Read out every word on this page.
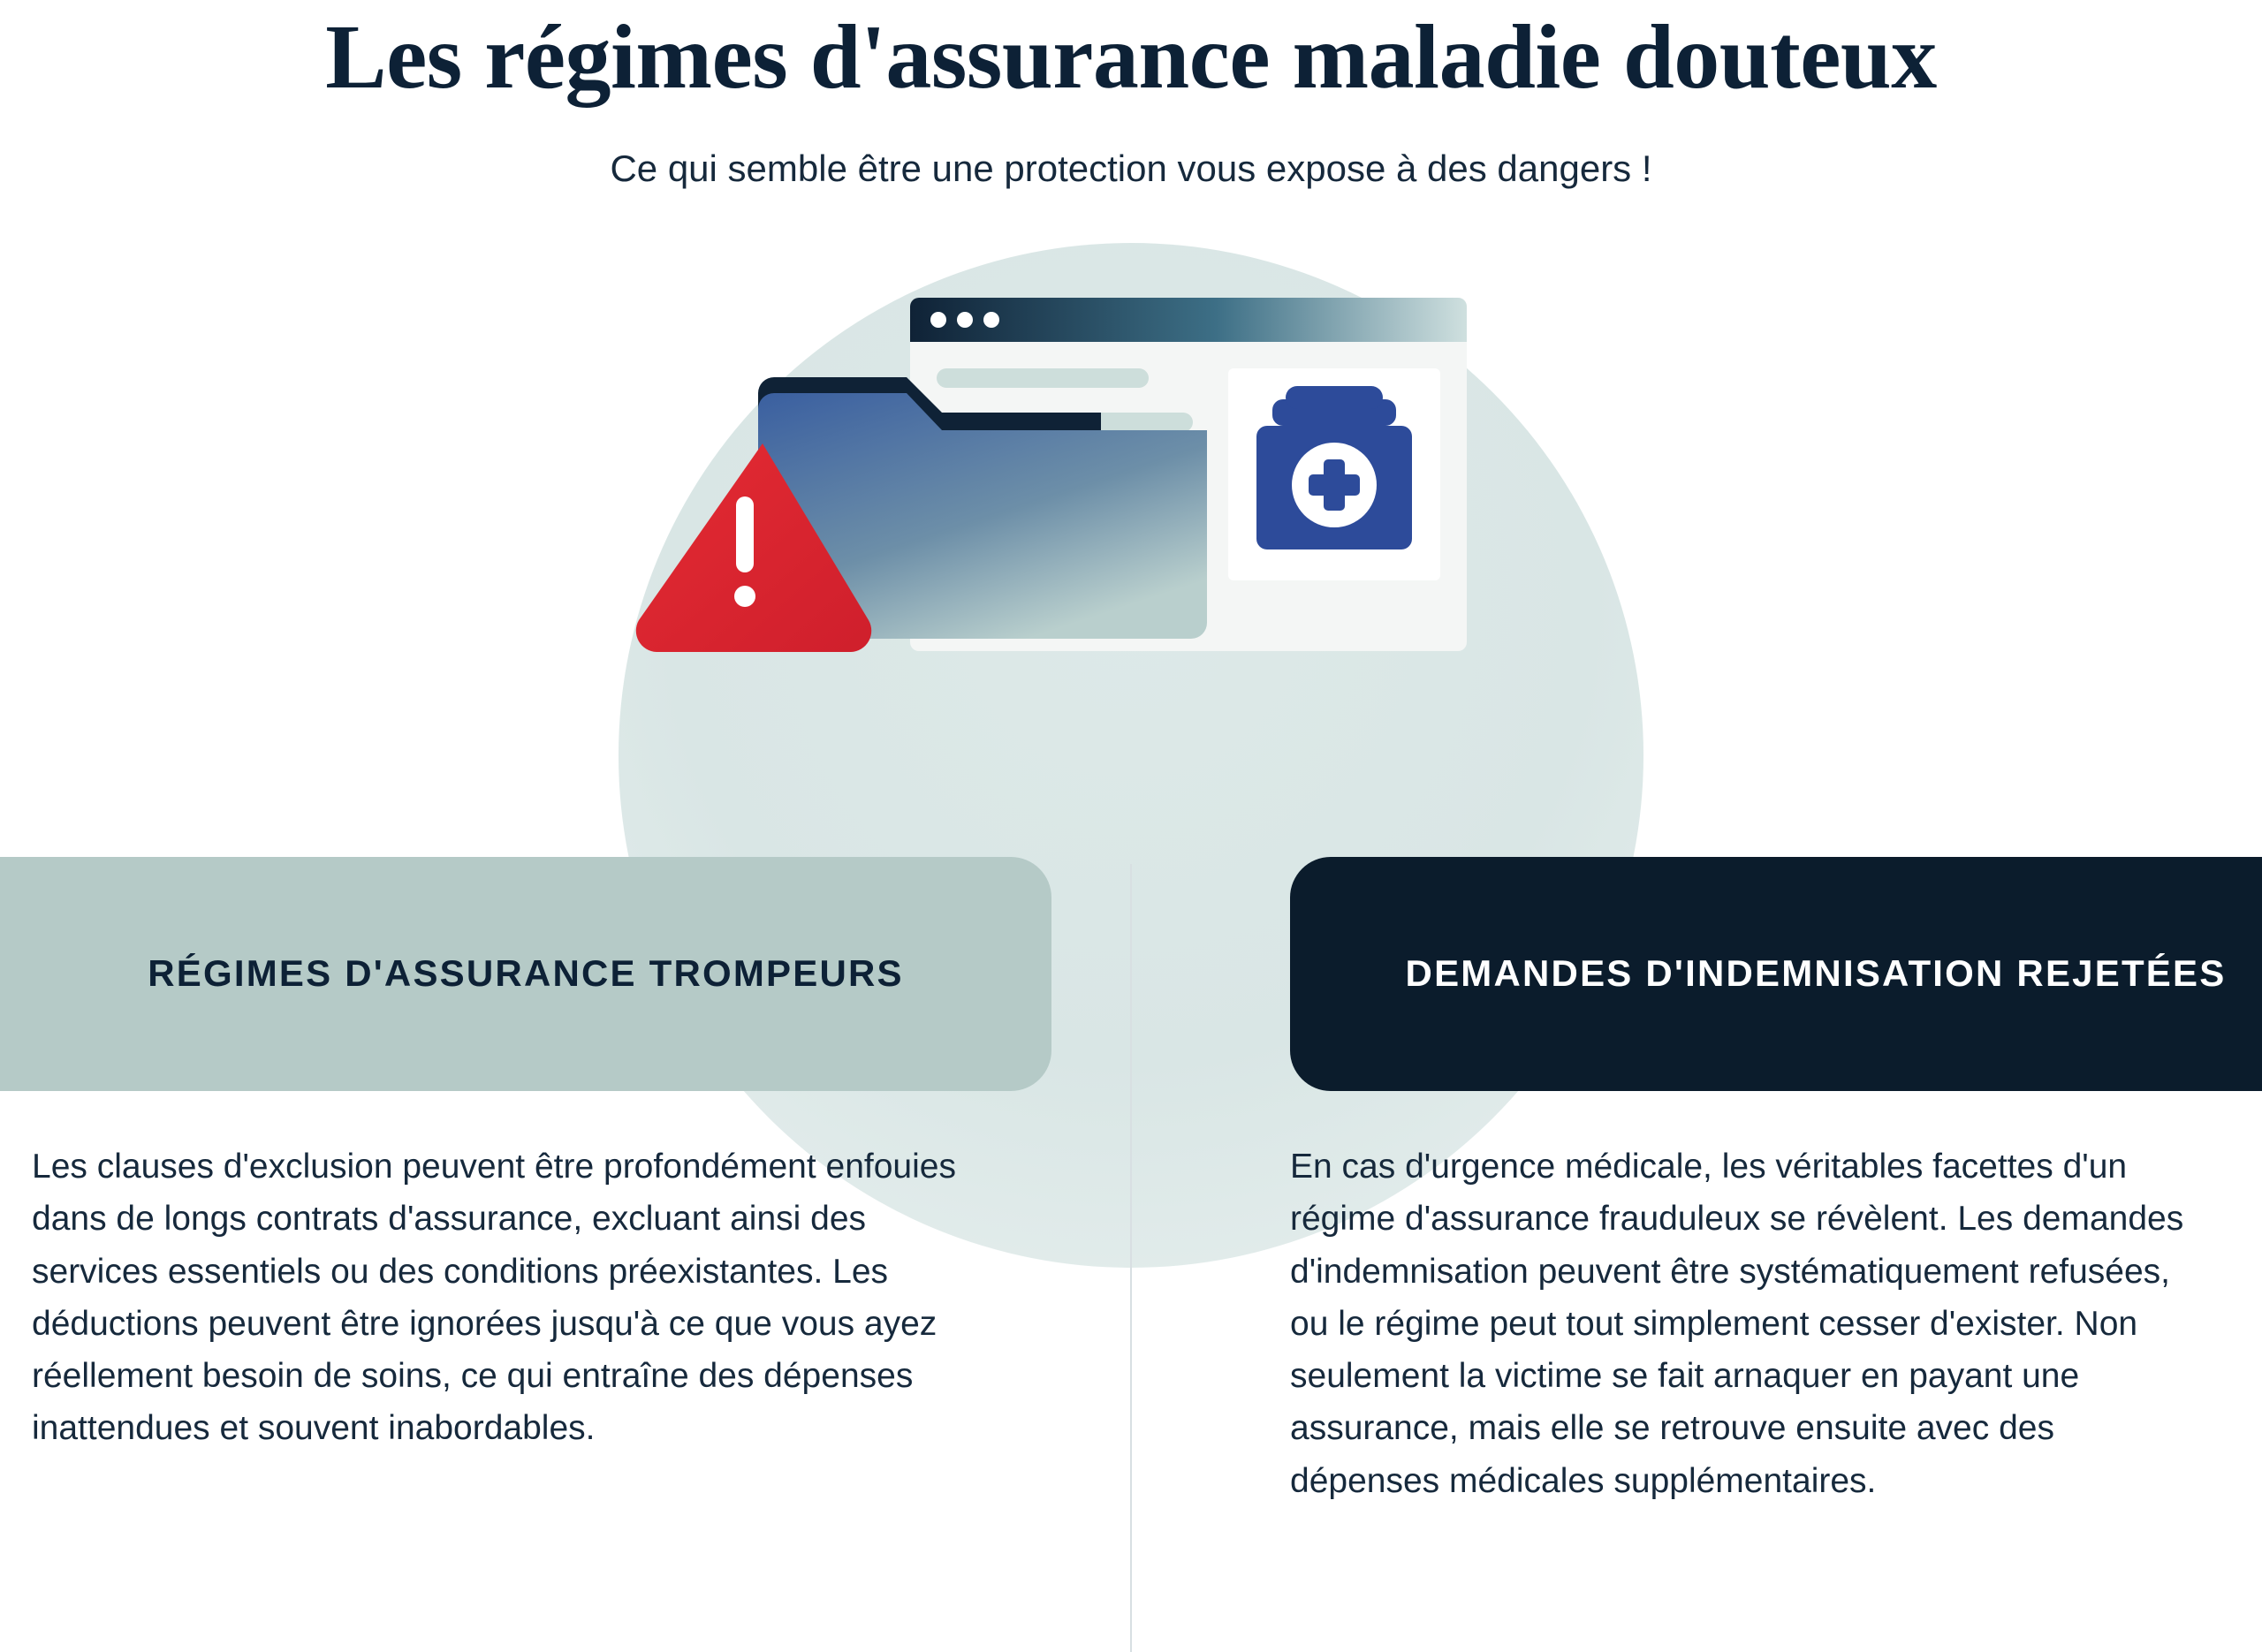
Les régimes d'assurance maladie douteux

Ce qui semble être une protection vous expose à des dangers !

RÉGIMES D'ASSURANCE TROMPEURS

Les clauses d'exclusion peuvent être profondément enfouies dans de longs contrats d'assurance, excluant ainsi des services essentiels ou des conditions préexistantes. Les déductions peuvent être ignorées jusqu'à ce que vous ayez réellement besoin de soins, ce qui entraîne des dépenses inattendues et souvent inabordables.

DEMANDES D'INDEMNISATION REJETÉES

En cas d'urgence médicale, les véritables facettes d'un régime d'assurance frauduleux se révèlent. Les demandes d'indemnisation peuvent être systématiquement refusées, ou le régime peut tout simplement cesser d'exister. Non seulement la victime se fait arnaquer en payant une assurance, mais elle se retrouve ensuite avec des dépenses médicales supplémentaires.
